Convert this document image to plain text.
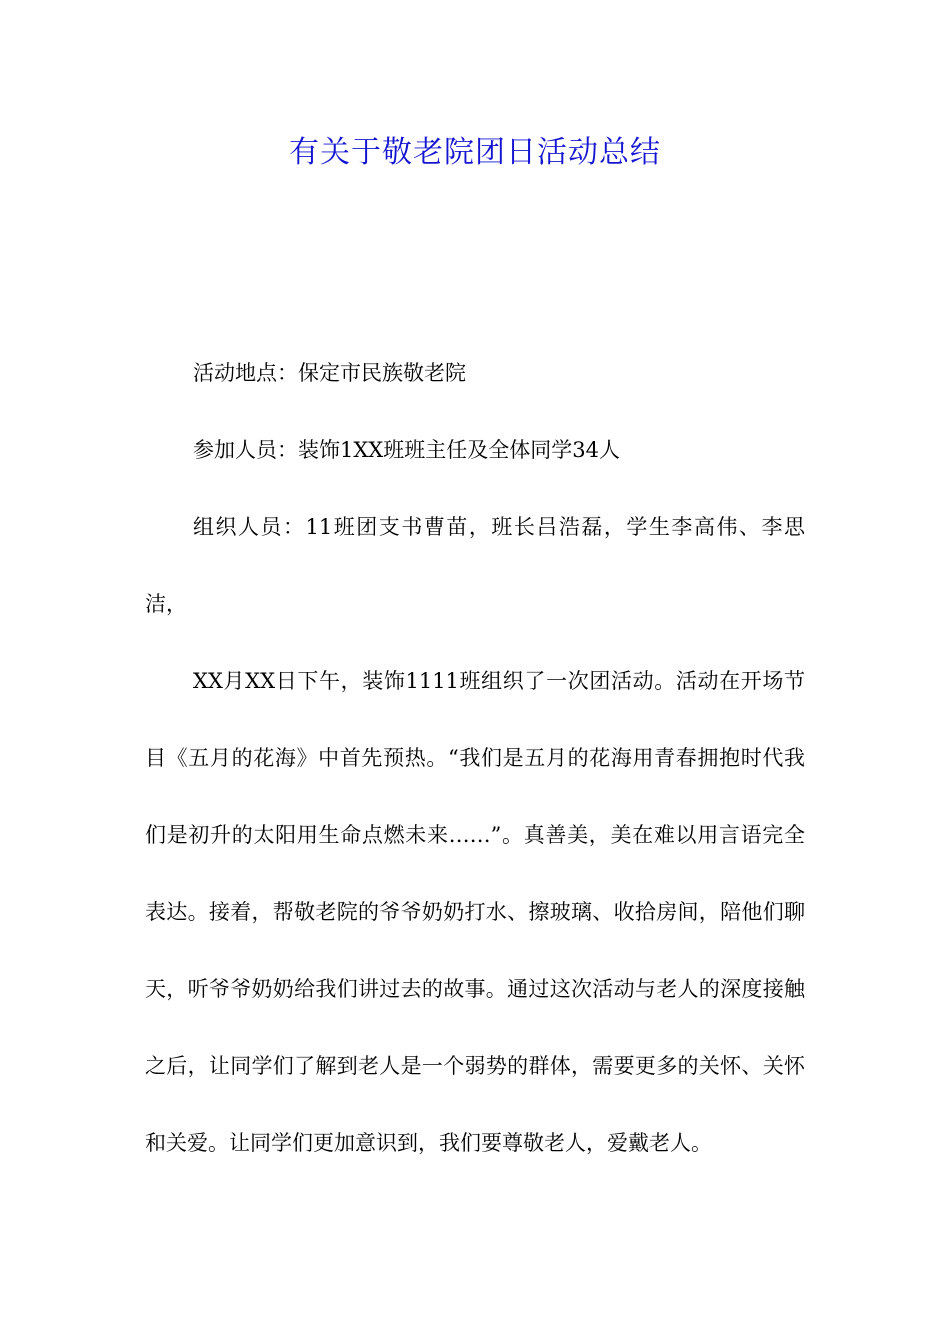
有关于敬老院团日活动总结

活动地点：保定市民族敬老院

参加人员：装饰1XX班班主任及全体同学34人

组织人员：11班团支书曹苗，班长吕浩磊，学生李高伟、李思洁，

XX月XX日下午，装饰1111班组织了一次团活动。活动在开场节目《五月的花海》中首先预热。“我们是五月的花海用青春拥抱时代我们是初升的太阳用生命点燃未来……”。真善美，美在难以用言语完全表达。接着，帮敬老院的爷爷奶奶打水、擦玻璃、收拾房间，陪他们聊天，听爷爷奶奶给我们讲过去的故事。通过这次活动与老人的深度接触之后，让同学们了解到老人是一个弱势的群体，需要更多的关怀、关怀和关爱。让同学们更加意识到，我们要尊敬老人，爱戴老人。
